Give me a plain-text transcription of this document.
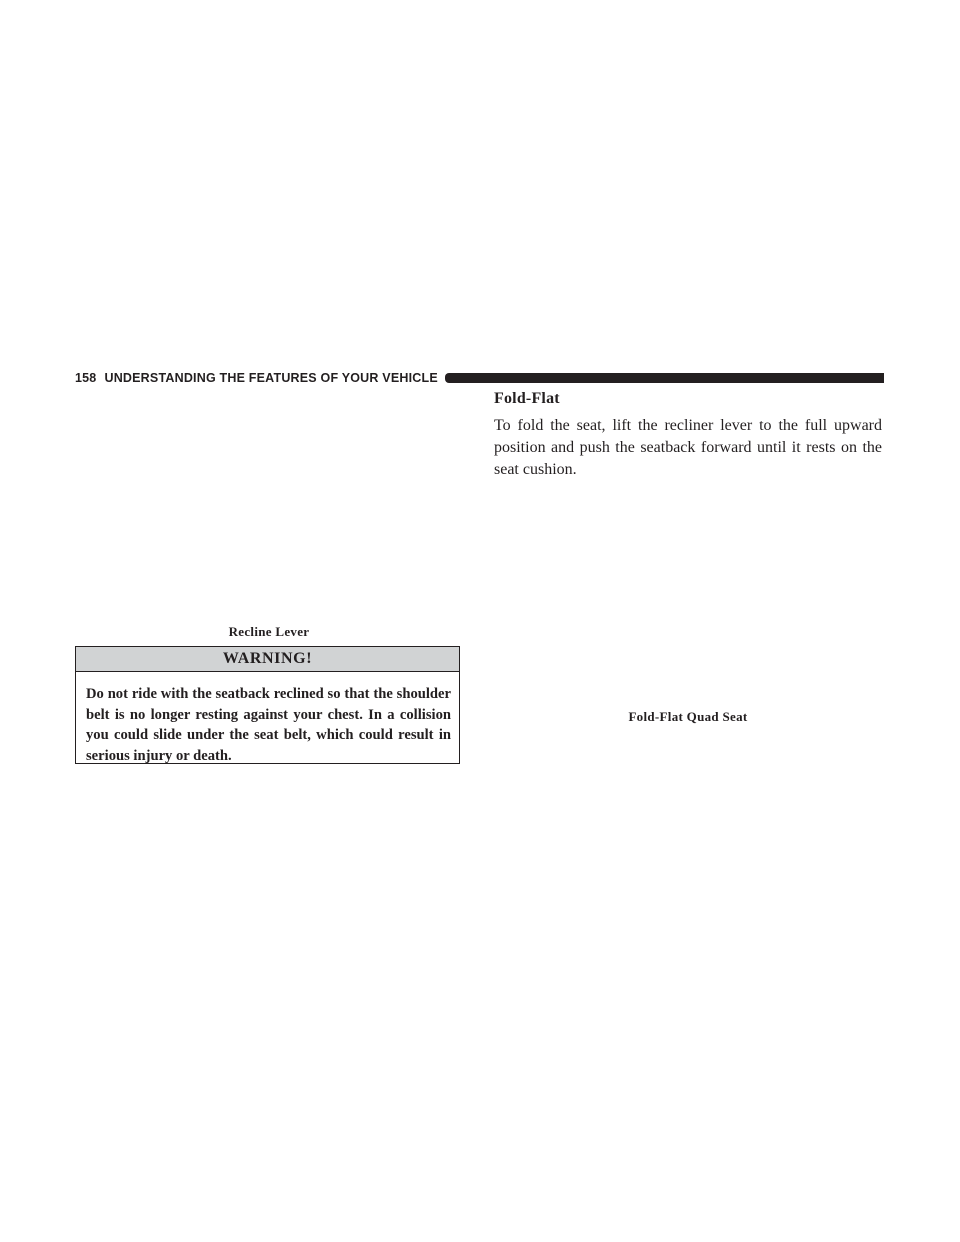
158 UNDERSTANDING THE FEATURES OF YOUR VEHICLE
Recline Lever
WARNING!
Do not ride with the seatback reclined so that the shoulder belt is no longer resting against your chest. In a collision you could slide under the seat belt, which could result in serious injury or death.
Fold-Flat
To fold the seat, lift the recliner lever to the full upward position and push the seatback forward until it rests on the seat cushion.
Fold-Flat Quad Seat
